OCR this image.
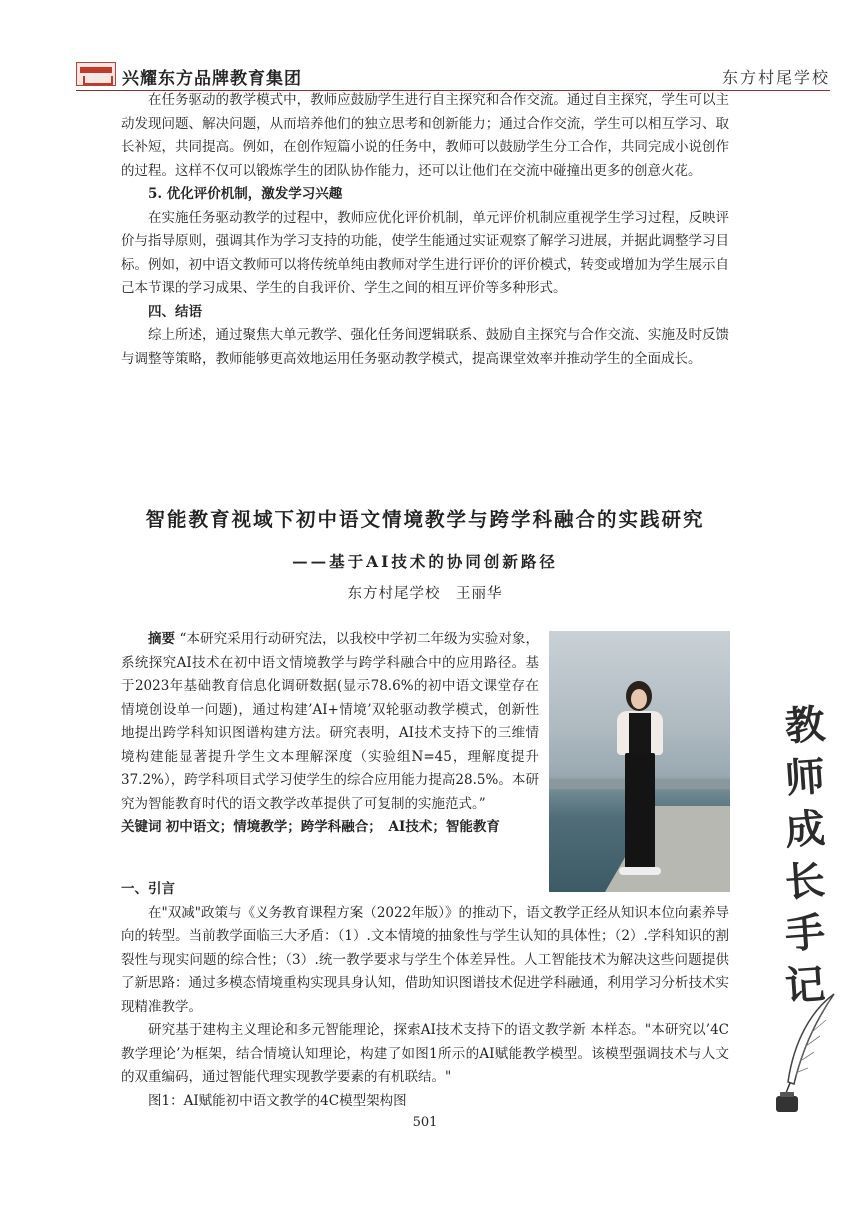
兴耀东方品牌教育集团	东方村尾学校

在任务驱动的教学模式中，教师应鼓励学生进行自主探究和合作交流。通过自主探究，学生可以主动发现问题、解决问题，从而培养他们的独立思考和创新能力；通过合作交流，学生可以相互学习、取长补短，共同提高。例如，在创作短篇小说的任务中，教师可以鼓励学生分工合作，共同完成小说创作的过程。这样不仅可以锻炼学生的团队协作能力，还可以让他们在交流中碰撞出更多的创意火花。

5. 优化评价机制，激发学习兴趣

在实施任务驱动教学的过程中，教师应优化评价机制，单元评价机制应重视学生学习过程，反映评价与指导原则，强调其作为学习支持的功能，使学生能通过实证观察了解学习进展，并据此调整学习目标。例如，初中语文教师可以将传统单纯由教师对学生进行评价的评价模式，转变或增加为学生展示自己本节课的学习成果、学生的自我评价、学生之间的相互评价等多种形式。

四、结语

综上所述，通过聚焦大单元教学、强化任务间逻辑联系、鼓励自主探究与合作交流、实施及时反馈与调整等策略，教师能够更高效地运用任务驱动教学模式，提高课堂效率并推动学生的全面成长。

智能教育视域下初中语文情境教学与跨学科融合的实践研究
——基于AI技术的协同创新路径
东方村尾学校　王丽华

摘要 “本研究采用行动研究法，以我校中学初二年级为实验对象，系统探究AI技术在初中语文情境教学与跨学科融合中的应用路径。基于2023年基础教育信息化调研数据(显示78.6%的初中语文课堂存在情境创设单一问题)，通过构建’AI+情境’双轮驱动教学模式，创新性地提出跨学科知识图谱构建方法。研究表明，AI技术支持下的三维情境构建能显著提升学生文本理解深度（实验组N=45，理解度提升37.2%），跨学科项目式学习使学生的综合应用能力提高28.5%。本研究为智能教育时代的语文教学改革提供了可复制的实施范式。”

关键词 初中语文；情境教学；跨学科融合；　AI技术；智能教育

一、引言

在"双减"政策与《义务教育课程方案（2022年版）》的推动下，语文教学正经从知识本位向素养导向的转型。当前教学面临三大矛盾：（1）.文本情境的抽象性与学生认知的具体性；（2）.学科知识的割裂性与现实问题的综合性；（3）.统一教学要求与学生个体差异性。人工智能技术为解决这些问题提供了新思路：通过多模态情境重构实现具身认知，借助知识图谱技术促进学科融通，利用学习分析技术实现精准教学。

研究基于建构主义理论和多元智能理论，探索AI技术支持下的语文教学新 本样态。"本研究以’4C教学理论’为框架，结合情境认知理论，构建了如图1所示的AI赋能教学模型。该模型强调技术与人文的双重编码，通过智能代理实现教学要素的有机联结。"

图1：AI赋能初中语文教学的4C模型架构图

501
教
师
成
长
手
记
